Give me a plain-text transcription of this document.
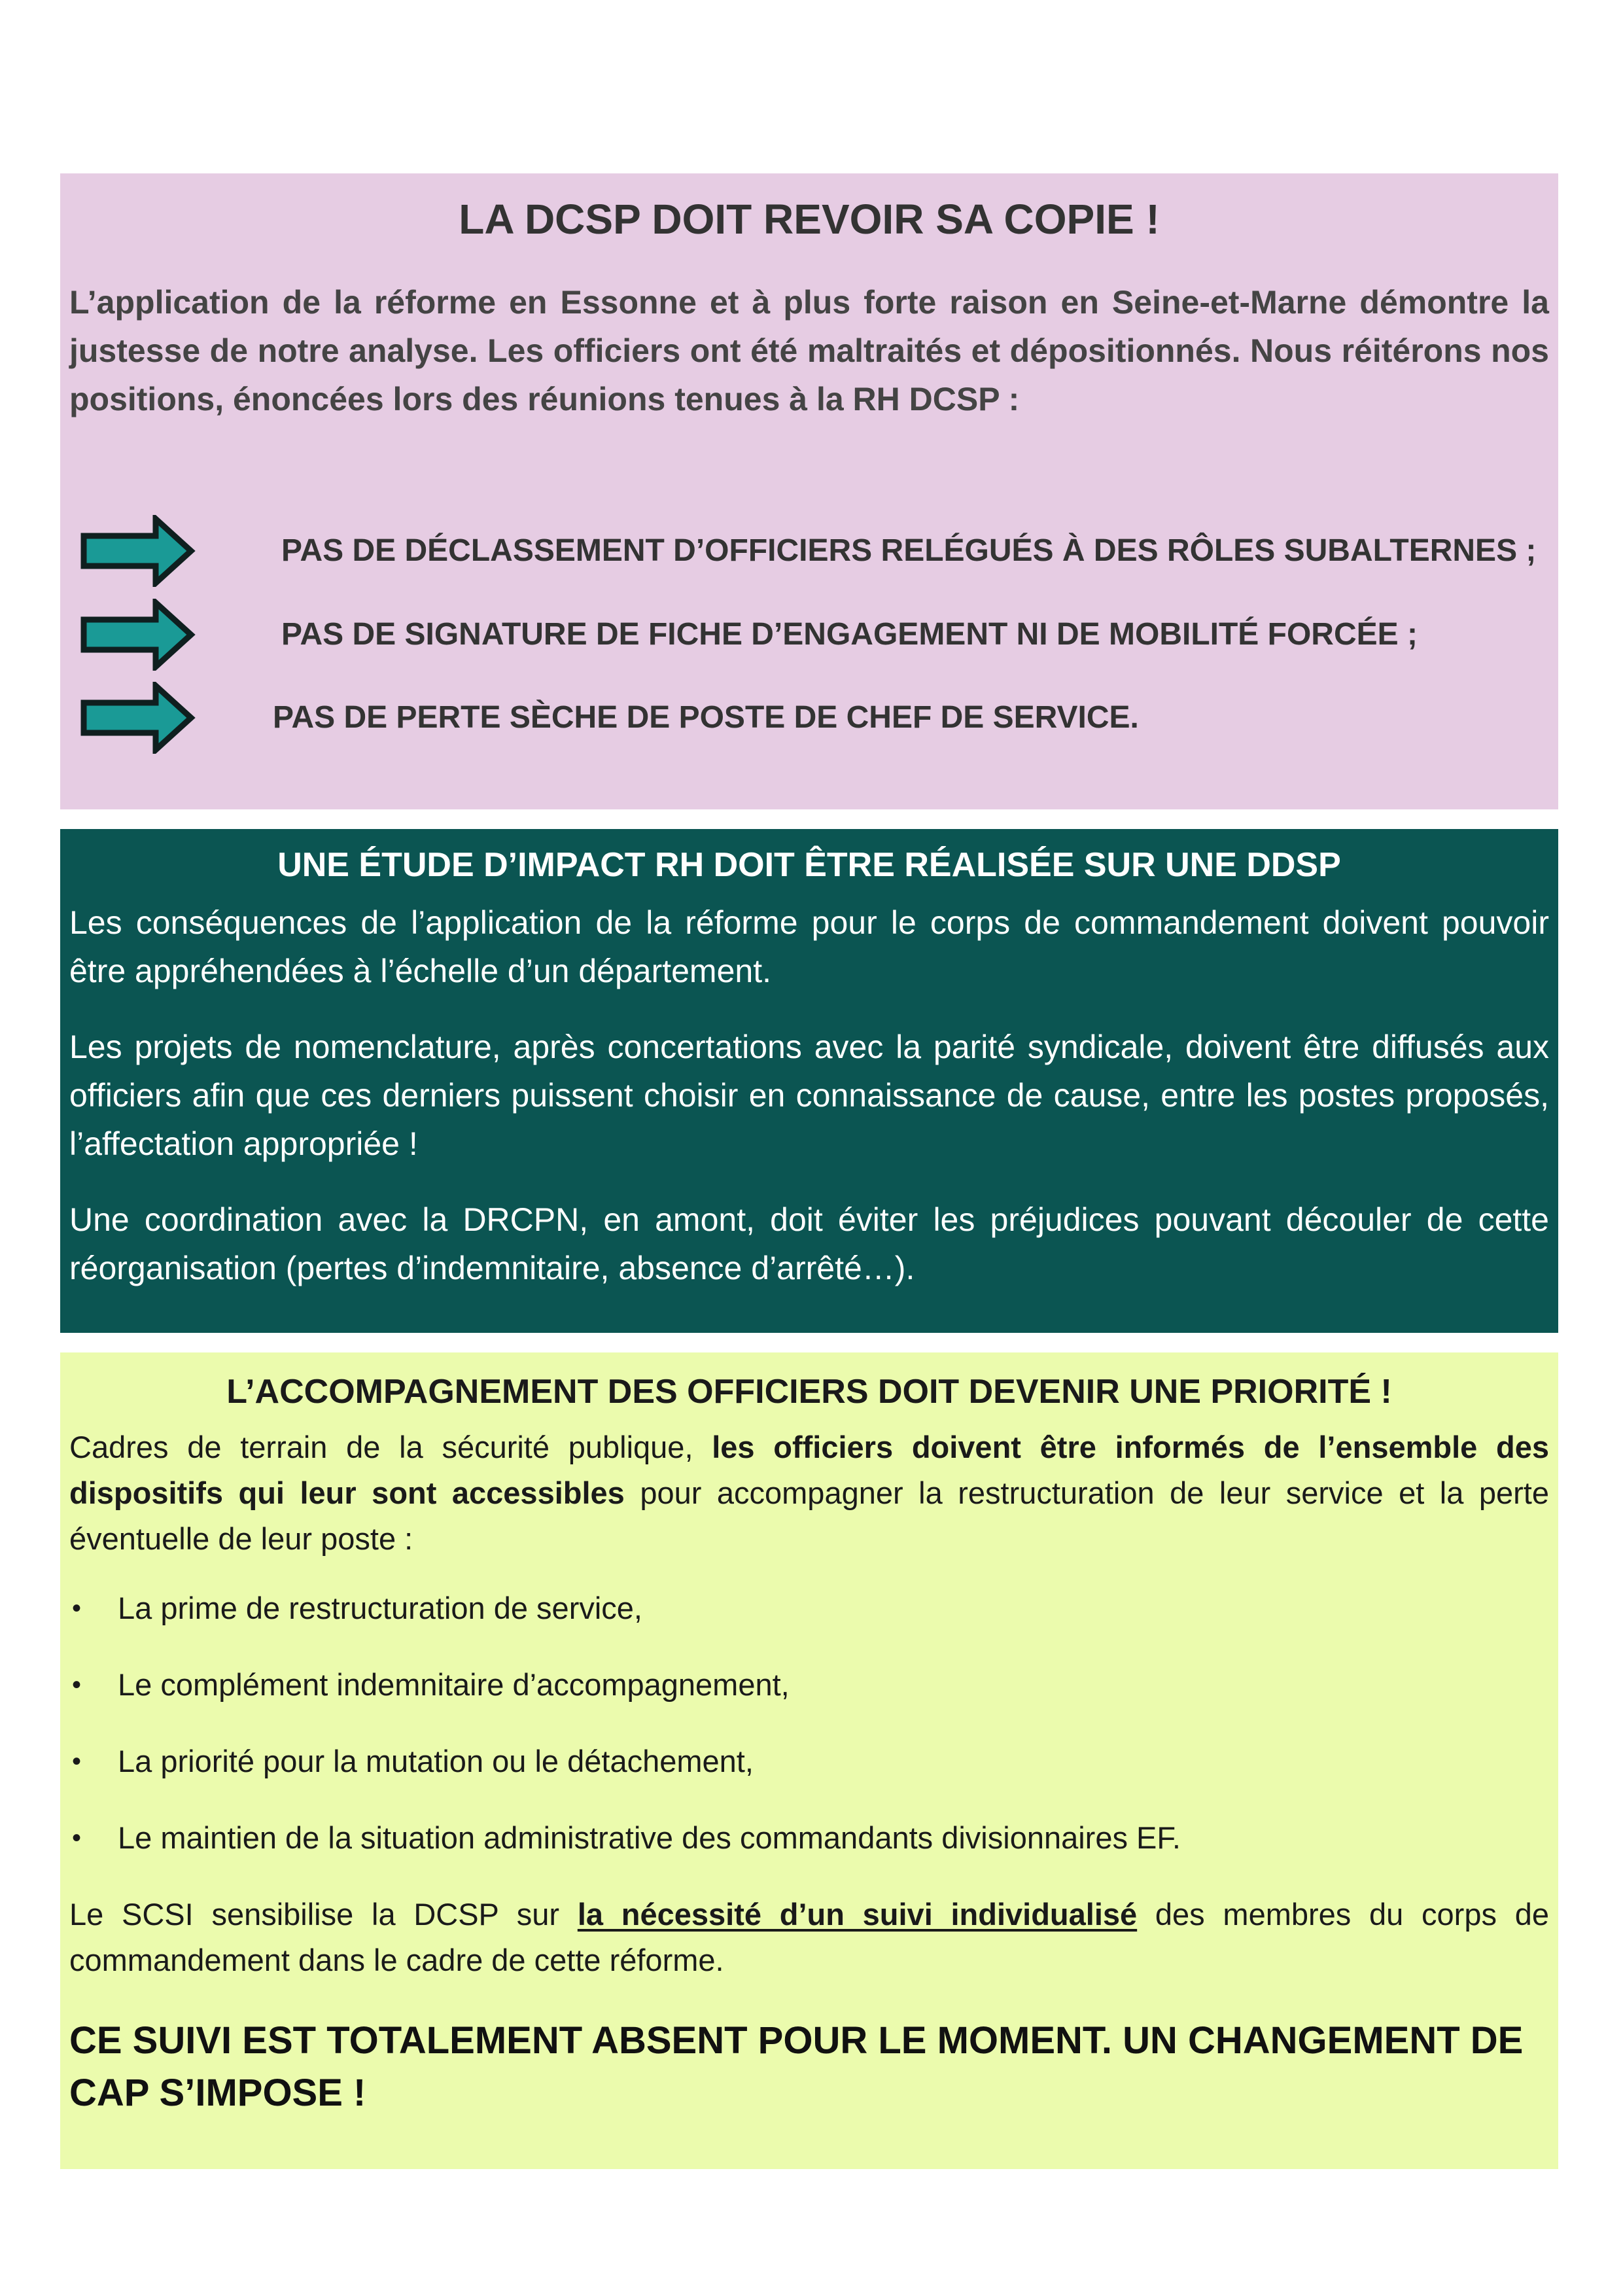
LA DCSP DOIT REVOIR SA COPIE !

L’application de la réforme en Essonne et à plus forte raison en Seine-et-Marne démontre la justesse de notre analyse. Les officiers ont été maltraités et dépositionnés. Nous réitérons nos positions, énoncées lors des réunions tenues à la RH DCSP :

PAS DE DÉCLASSEMENT D’OFFICIERS RELÉGUÉS À DES RÔLES SUBALTERNES ;
PAS DE SIGNATURE DE FICHE D’ENGAGEMENT NI DE MOBILITÉ FORCÉE ;
PAS DE PERTE SÈCHE DE POSTE DE CHEF DE SERVICE.
UNE ÉTUDE D’IMPACT RH DOIT ÊTRE RÉALISÉE SUR UNE DDSP

Les conséquences de l’application de la réforme pour le corps de commandement doivent pouvoir être appréhendées à l’échelle d’un département.

Les projets de nomenclature, après concertations avec la parité syndicale, doivent être diffusés aux officiers afin que ces derniers puissent choisir en connaissance de cause, entre les postes proposés, l’affectation appropriée !

Une coordination avec la DRCPN, en amont, doit éviter les préjudices pouvant découler de cette réorganisation (pertes d’indemnitaire, absence d’arrêté…).

L’ACCOMPAGNEMENT DES OFFICIERS DOIT DEVENIR UNE PRIORITÉ !

Cadres de terrain de la sécurité publique, les officiers doivent être informés de l’ensemble des dispositifs qui leur sont accessibles pour accompagner la restructuration de leur service et la perte éventuelle de leur poste :

• La prime de restructuration de service,
• Le complément indemnitaire d’accompagnement,
• La priorité pour la mutation ou le détachement,
• Le maintien de la situation administrative des commandants divisionnaires EF.

Le SCSI sensibilise la DCSP sur la nécessité d’un suivi individualisé des membres du corps de commandement dans le cadre de cette réforme.

CE SUIVI EST TOTALEMENT ABSENT POUR LE MOMENT. UN CHANGEMENT DE CAP S’IMPOSE !
